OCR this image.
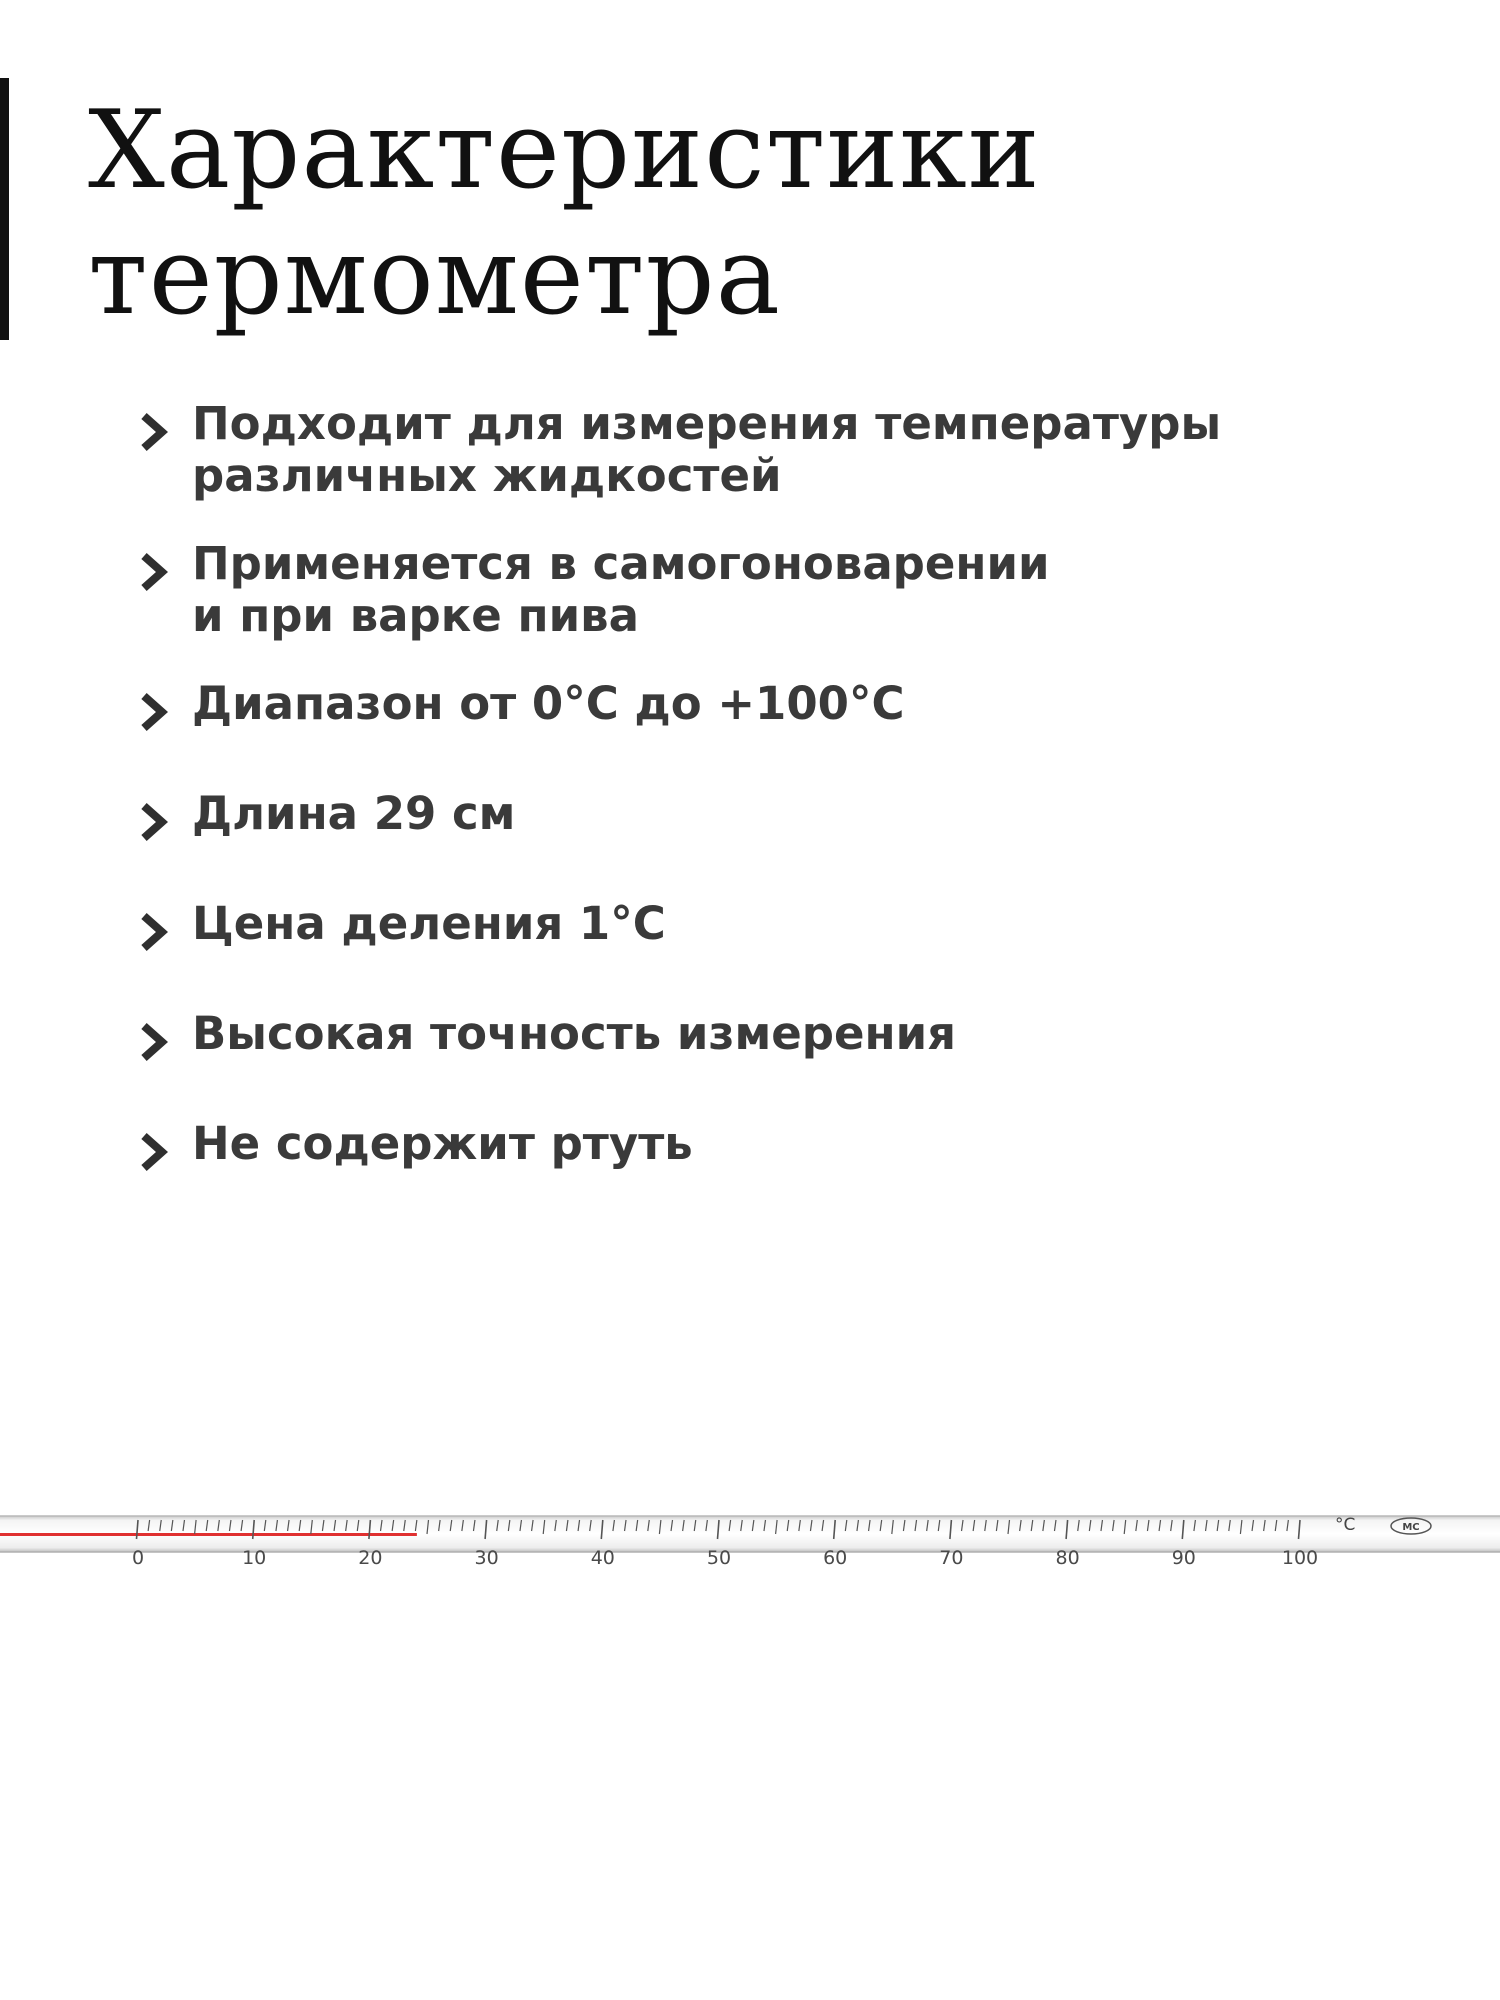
Характеристики
термометра
Подходит для измерения температуры
различных жидкостей
Применяется в самогоноварении
и при варке пива
Диапазон от 0°C до +100°C
Длина 29 см
Цена деления 1°C
Высокая точность измерения
Не содержит ртуть
0	10	20	30	40	50	60	70	80	90	100
°C	МС
